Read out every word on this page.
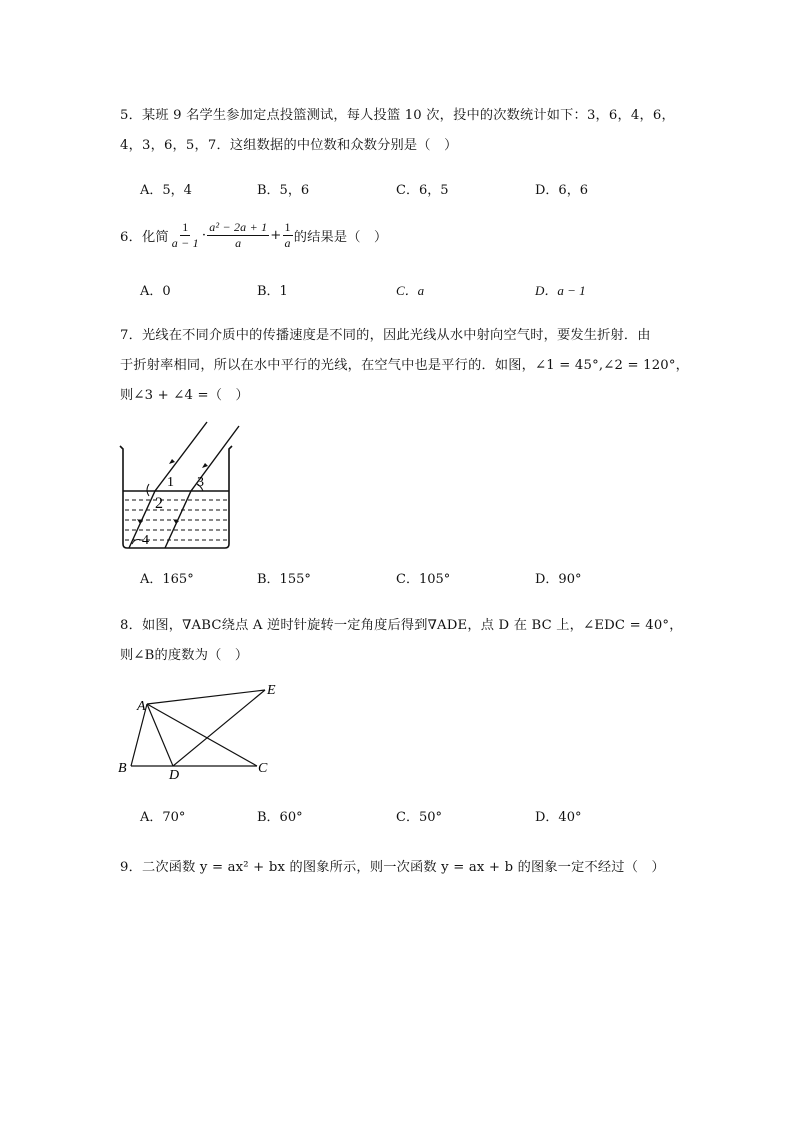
5．某班 9 名学生参加定点投篮测试，每人投篮 10 次，投中的次数统计如下：3，6，4，6，
4，3，6，5，7．这组数据的中位数和众数分别是（　）
A．5，4	B．5，6	C．6，5	D．6，6
6．化简 $\frac{1}{a - 1} \cdot \frac{\text{a² − 2a + 1}}{a} + \frac{1}{a}$ 的结果是（　）
A．0	B．1	C．a	D．a − 1
7．光线在不同介质中的传播速度是不同的，因此光线从水中射向空气时，要发生折射．由
于折射率相同，所以在水中平行的光线，在空气中也是平行的．如图，∠1 = 45°,∠2 = 120°，
则∠3 + ∠4 =（　）
1
2
3
4
A．165°	B．155°	C．105°	D．90°
8．如图，∇ABC绕点 A 逆时针旋转一定角度后得到∇ADE，点 D 在 BC 上，∠EDC = 40°，
则∠B的度数为（　）
A
B	C
D
E
A．70°	B．60°	C．50°	D．40°
9．二次函数 y = ax² + bx 的图象所示，则一次函数 y = ax + b 的图象一定不经过（　）
